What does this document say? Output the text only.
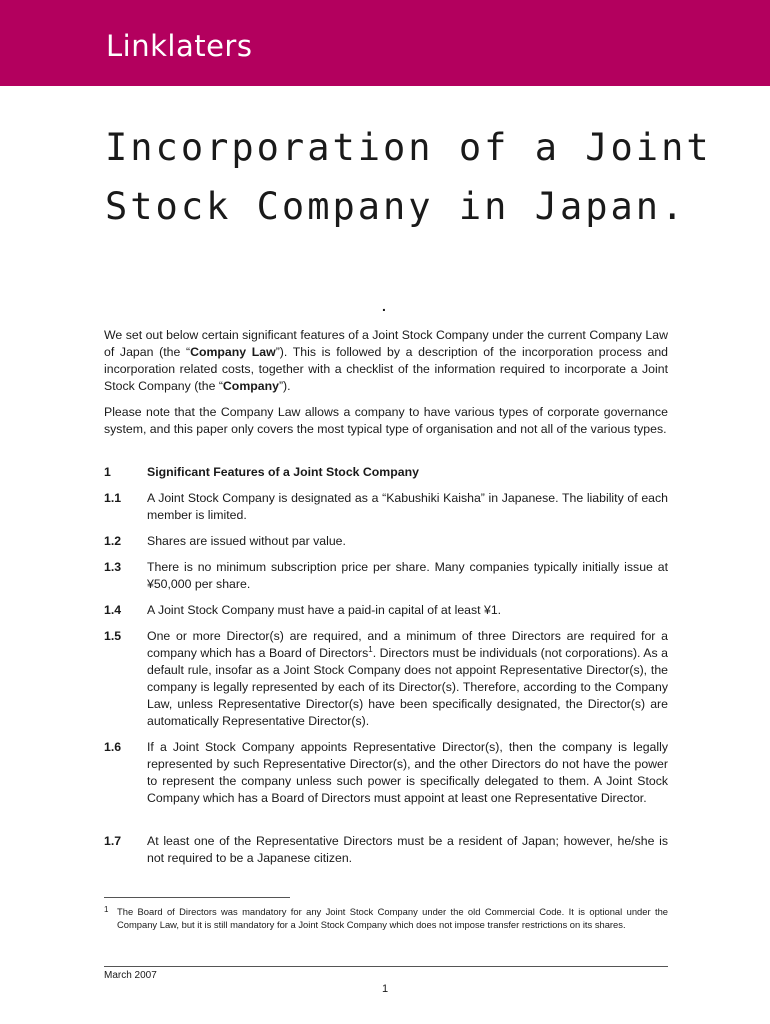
Linklaters
Incorporation of a Joint Stock Company in Japan.
.

We set out below certain significant features of a Joint Stock Company under the current Company Law of Japan (the “Company Law”). This is followed by a description of the incorporation process and incorporation related costs, together with a checklist of the information required to incorporate a Joint Stock Company (the “Company”).

Please note that the Company Law allows a company to have various types of corporate governance system, and this paper only covers the most typical type of organisation and not all of the various types.

1	Significant Features of a Joint Stock Company
1.1 A Joint Stock Company is designated as a “Kabushiki Kaisha” in Japanese. The liability of each member is limited.
1.2 Shares are issued without par value.
1.3 There is no minimum subscription price per share. Many companies typically initially issue at ¥50,000 per share.
1.4 A Joint Stock Company must have a paid-in capital of at least ¥1.
1.5 One or more Director(s) are required, and a minimum of three Directors are required for a company which has a Board of Directors$^1$. Directors must be individuals (not corporations). As a default rule, insofar as a Joint Stock Company does not appoint Representative Director(s), the company is legally represented by each of its Director(s). Therefore, according to the Company Law, unless Representative Director(s) have been specifically designated, the Director(s) are automatically Representative Director(s).
1.6 If a Joint Stock Company appoints Representative Director(s), then the company is legally represented by such Representative Director(s), and the other Directors do not have the power to represent the company unless such power is specifically delegated to them. A Joint Stock Company which has a Board of Directors must appoint at least one Representative Director.
1.7 At least one of the Representative Directors must be a resident of Japan; however, he/she is not required to be a Japanese citizen.
1 The Board of Directors was mandatory for any Joint Stock Company under the old Commercial Code. It is optional under the Company Law, but it is still mandatory for a Joint Stock Company which does not impose transfer restrictions on its shares.
March 2007
1
